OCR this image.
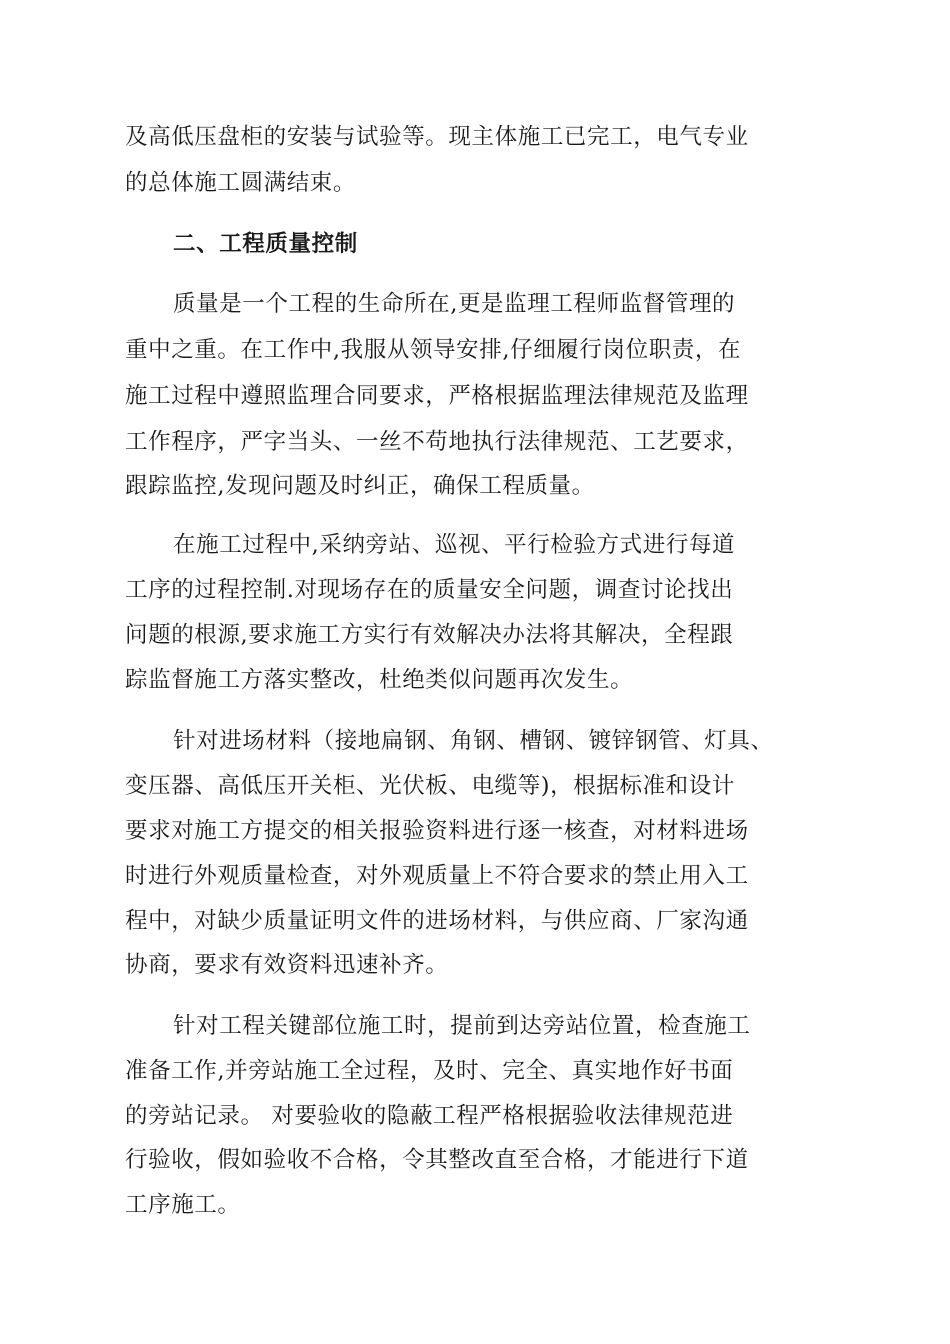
及高低压盘柜的安装与试验等。现主体施工已完工，电气专业
的总体施工圆满结束。
二、工程质量控制
质量是一个工程的生命所在,更是监理工程师监督管理的
重中之重。在工作中,我服从领导安排,仔细履行岗位职责，在
施工过程中遵照监理合同要求，严格根据监理法律规范及监理
工作程序，严字当头、一丝不苟地执行法律规范、工艺要求，
跟踪监控,发现问题及时纠正，确保工程质量。
在施工过程中,采纳旁站、巡视、平行检验方式进行每道
工序的过程控制.对现场存在的质量安全问题，调查讨论找出
问题的根源,要求施工方实行有效解决办法将其解决，全程跟
踪监督施工方落实整改，杜绝类似问题再次发生。
针对进场材料（接地扁钢、角钢、槽钢、镀锌钢管、灯具、
变压器、高低压开关柜、光伏板、电缆等)，根据标准和设计
要求对施工方提交的相关报验资料进行逐一核查，对材料进场
时进行外观质量检查，对外观质量上不符合要求的禁止用入工
程中，对缺少质量证明文件的进场材料，与供应商、厂家沟通
协商，要求有效资料迅速补齐。
针对工程关键部位施工时，提前到达旁站位置，检查施工
准备工作,并旁站施工全过程，及时、完全、真实地作好书面
的旁站记录。 对要验收的隐蔽工程严格根据验收法律规范进
行验收，假如验收不合格，令其整改直至合格，才能进行下道
工序施工。
